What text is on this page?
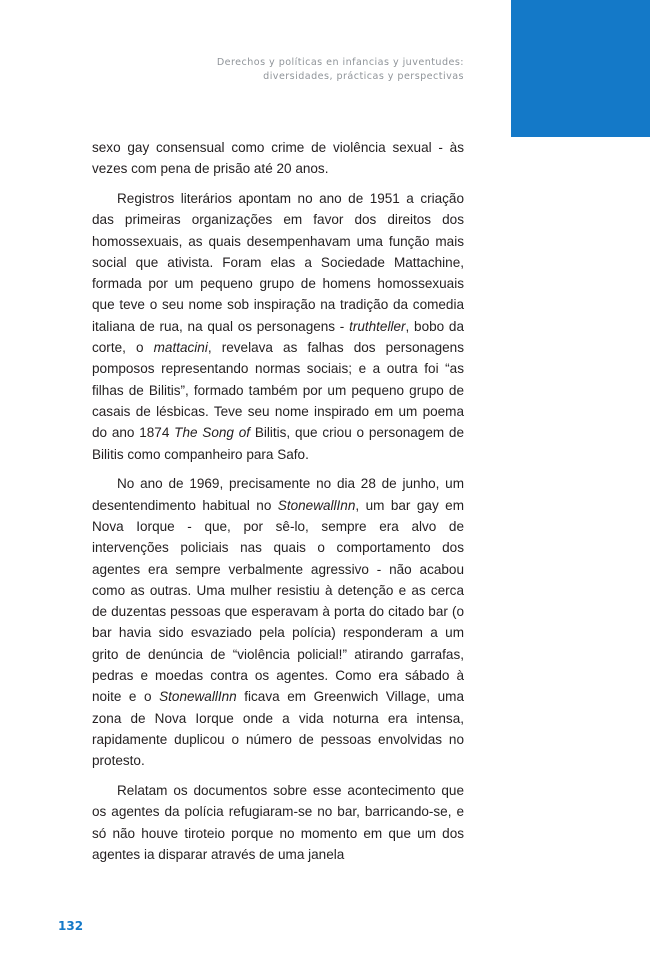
Derechos y políticas en infancias y juventudes:
diversidades, prácticas y perspectivas

sexo gay consensual como crime de violência sexual - às vezes com pena de prisão até 20 anos.

Registros literários apontam no ano de 1951 a criação das primeiras organizações em favor dos direitos dos homossexuais, as quais desempenhavam uma função mais social que ativista. Foram elas a Sociedade Mattachine, formada por um pequeno grupo de homens homossexuais que teve o seu nome sob inspiração na tradição da comedia italiana de rua, na qual os personagens - truthteller, bobo da corte, o mattacini, revelava as falhas dos personagens pomposos representando normas sociais; e a outra foi “as filhas de Bilitis”, formado também por um pequeno grupo de casais de lésbicas. Teve seu nome inspirado em um poema do ano 1874 The Song of Bilitis, que criou o personagem de Bilitis como companheiro para Safo.

No ano de 1969, precisamente no dia 28 de junho, um desentendimento habitual no StonewallInn, um bar gay em Nova Iorque - que, por sê-lo, sempre era alvo de intervenções policiais nas quais o comportamento dos agentes era sempre verbalmente agressivo - não acabou como as outras. Uma mulher resistiu à detenção e as cerca de duzentas pessoas que esperavam à porta do citado bar (o bar havia sido esvaziado pela polícia) responderam a um grito de denúncia de “violência policial!” atirando garrafas, pedras e moedas contra os agentes. Como era sábado à noite e o StonewallInn ficava em Greenwich Village, uma zona de Nova Iorque onde a vida noturna era intensa, rapidamente duplicou o número de pessoas envolvidas no protesto.

Relatam os documentos sobre esse acontecimento que os agentes da polícia refugiaram-se no bar, barricando-se, e só não houve tiroteio porque no momento em que um dos agentes ia disparar através de uma janela

132
